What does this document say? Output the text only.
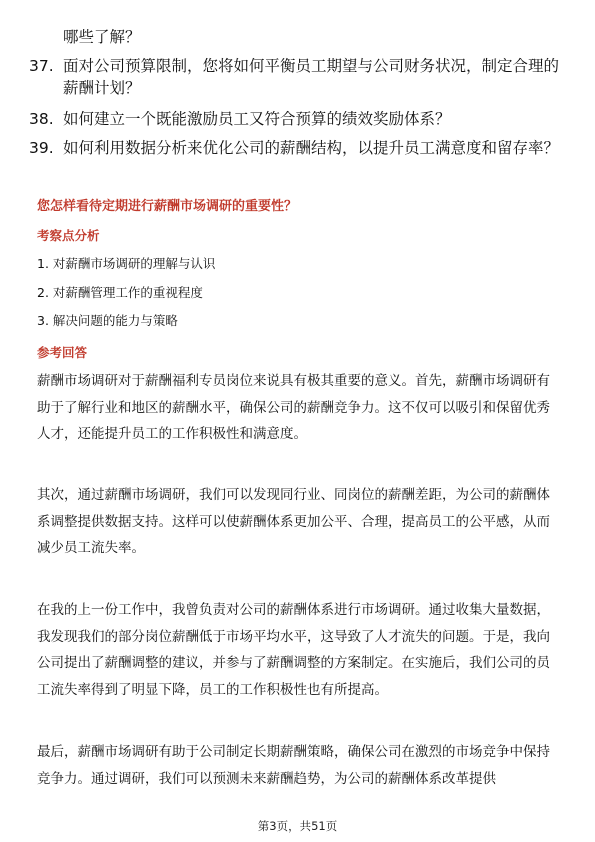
哪些了解？
37. 面对公司预算限制，您将如何平衡员工期望与公司财务状况，制定合理的薪酬计划？
38. 如何建立一个既能激励员工又符合预算的绩效奖励体系？
39. 如何利用数据分析来优化公司的薪酬结构，以提升员工满意度和留存率？
您怎样看待定期进行薪酬市场调研的重要性？
考察点分析
1. 对薪酬市场调研的理解与认识
2. 对薪酬管理工作的重视程度
3. 解决问题的能力与策略
参考回答
薪酬市场调研对于薪酬福利专员岗位来说具有极其重要的意义。首先，薪酬市场调研有助于了解行业和地区的薪酬水平，确保公司的薪酬竞争力。这不仅可以吸引和保留优秀人才，还能提升员工的工作积极性和满意度。
其次，通过薪酬市场调研，我们可以发现同行业、同岗位的薪酬差距，为公司的薪酬体系调整提供数据支持。这样可以使薪酬体系更加公平、合理，提高员工的公平感，从而减少员工流失率。
在我的上一份工作中，我曾负责对公司的薪酬体系进行市场调研。通过收集大量数据，我发现我们的部分岗位薪酬低于市场平均水平，这导致了人才流失的问题。于是，我向公司提出了薪酬调整的建议，并参与了薪酬调整的方案制定。在实施后，我们公司的员工流失率得到了明显下降，员工的工作积极性也有所提高。
最后，薪酬市场调研有助于公司制定长期薪酬策略，确保公司在激烈的市场竞争中保持竞争力。通过调研，我们可以预测未来薪酬趋势，为公司的薪酬体系改革提供
第3页，共51页
